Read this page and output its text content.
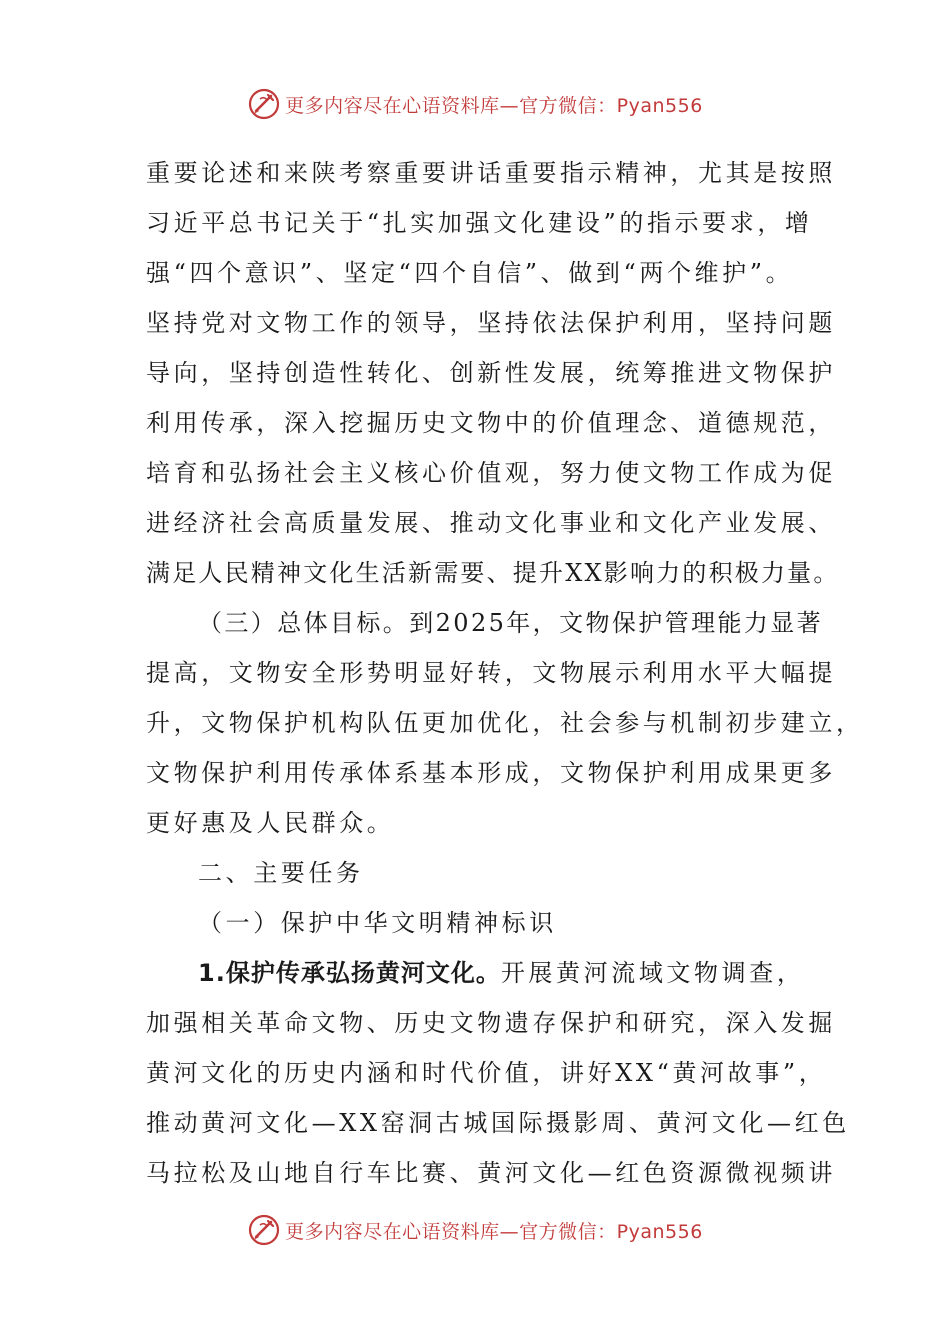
更多内容尽在心语资料库—官方微信：Pyan556
重要论述和来陕考察重要讲话重要指示精神，尤其是按照
习近平总书记关于“扎实加强文化建设”的指示要求，增
强“四个意识”、坚定“四个自信”、做到“两个维护”。
坚持党对文物工作的领导，坚持依法保护利用，坚持问题
导向，坚持创造性转化、创新性发展，统筹推进文物保护
利用传承，深入挖掘历史文物中的价值理念、道德规范，
培育和弘扬社会主义核心价值观，努力使文物工作成为促
进经济社会高质量发展、推动文化事业和文化产业发展、
满足人民精神文化生活新需要、提升XX影响力的积极力量。
（三）总体目标。到2025年，文物保护管理能力显著
提高，文物安全形势明显好转，文物展示利用水平大幅提
升，文物保护机构队伍更加优化，社会参与机制初步建立，
文物保护利用传承体系基本形成，文物保护利用成果更多
更好惠及人民群众。
二、主要任务
（一）保护中华文明精神标识
1.保护传承弘扬黄河文化。开展黄河流域文物调查，
加强相关革命文物、历史文物遗存保护和研究，深入发掘
黄河文化的历史内涵和时代价值，讲好XX“黄河故事”，
推动黄河文化—XX窑洞古城国际摄影周、黄河文化—红色
马拉松及山地自行车比赛、黄河文化—红色资源微视频讲
更多内容尽在心语资料库—官方微信：Pyan556
